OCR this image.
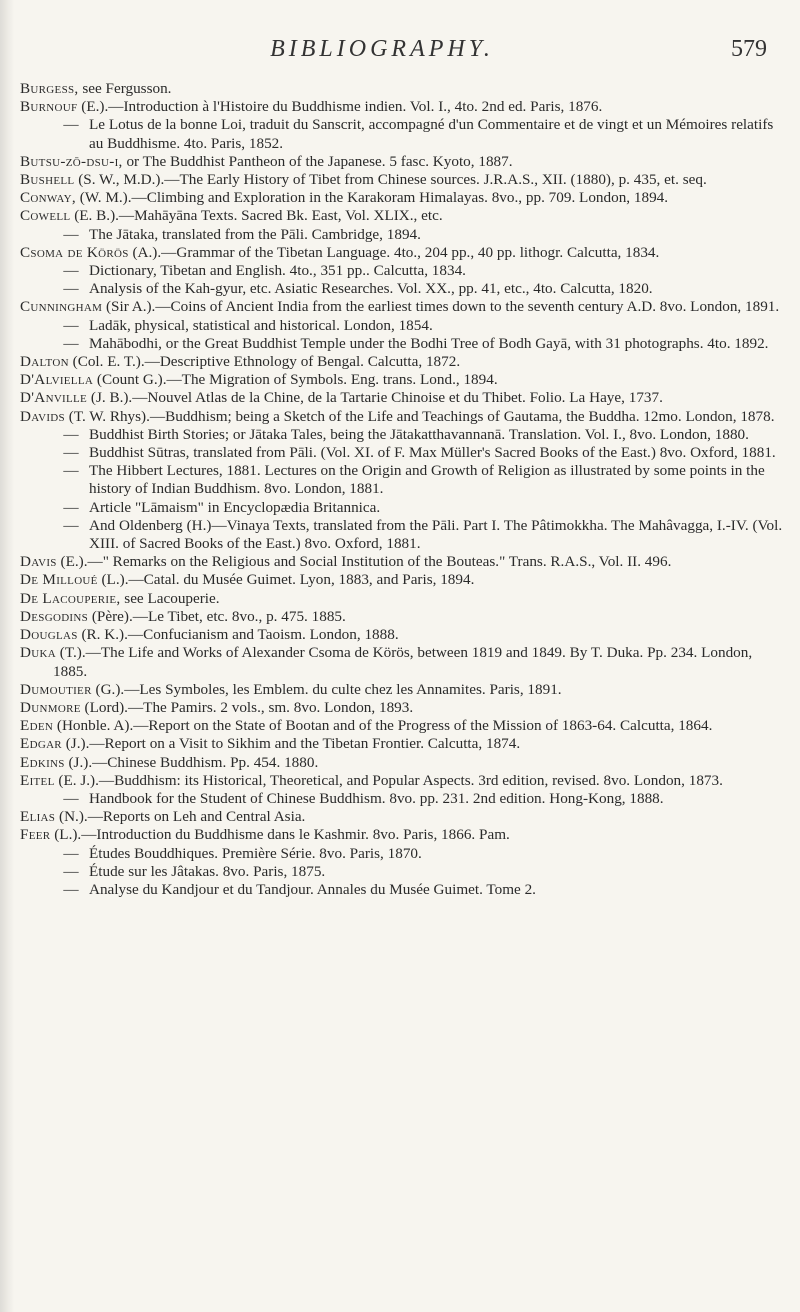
BIBLIOGRAPHY.	579

Burgess, see Fergusson.

Burnouf (E.).—Introduction à l'Histoire du Buddhisme indien. Vol. I., 4to. 2nd ed. Paris, 1876.

— Le Lotus de la bonne Loi, traduit du Sanscrit, accompagné d'un Commentaire et de vingt et un Mémoires relatifs au Buddhisme. 4to. Paris, 1852.

Butsu-zō-dsu-i, or The Buddhist Pantheon of the Japanese. 5 fasc. Kyoto, 1887.

Bushell (S. W., M.D.).—The Early History of Tibet from Chinese sources. J.R.A.S., XII. (1880), p. 435, et. seq.

Conway, (W. M.).—Climbing and Exploration in the Karakoram Himalayas. 8vo., pp. 709. London, 1894.

Cowell (E. B.).—Mahāyāna Texts. Sacred Bk. East, Vol. XLIX., etc.

— The Jātaka, translated from the Pāli. Cambridge, 1894.

Csoma de Körös (A.).—Grammar of the Tibetan Language. 4to., 204 pp., 40 pp. lithogr. Calcutta, 1834.

— Dictionary, Tibetan and English. 4to., 351 pp.. Calcutta, 1834.

— Analysis of the Kah-gyur, etc. Asiatic Researches. Vol. XX., pp. 41, etc., 4to. Calcutta, 1820.

Cunningham (Sir A.).—Coins of Ancient India from the earliest times down to the seventh century A.D. 8vo. London, 1891.

— Ladāk, physical, statistical and historical. London, 1854.

— Mahābodhi, or the Great Buddhist Temple under the Bodhi Tree of Bodh Gayā, with 31 photographs. 4to. 1892.

Dalton (Col. E. T.).—Descriptive Ethnology of Bengal. Calcutta, 1872.

D'Alviella (Count G.).—The Migration of Symbols. Eng. trans. Lond., 1894.

D'Anville (J. B.).—Nouvel Atlas de la Chine, de la Tartarie Chinoise et du Thibet. Folio. La Haye, 1737.

Davids (T. W. Rhys).—Buddhism; being a Sketch of the Life and Teachings of Gautama, the Buddha. 12mo. London, 1878.

— Buddhist Birth Stories; or Jātaka Tales, being the Jātakatthavannanā. Translation. Vol. I., 8vo. London, 1880.

— Buddhist Sūtras, translated from Pāli. (Vol. XI. of F. Max Müller's Sacred Books of the East.) 8vo. Oxford, 1881.

— The Hibbert Lectures, 1881. Lectures on the Origin and Growth of Religion as illustrated by some points in the history of Indian Buddhism. 8vo. London, 1881.

— Article "Lāmaism" in Encyclopædia Britannica.

— And Oldenberg (H.)—Vinaya Texts, translated from the Pāli. Part I. The Pâtimokkha. The Mahâvagga, I.-IV. (Vol. XIII. of Sacred Books of the East.) 8vo. Oxford, 1881.

Davis (E.).—" Remarks on the Religious and Social Institution of the Bouteas." Trans. R.A.S., Vol. II. 496.

De Milloué (L.).—Catal. du Musée Guimet. Lyon, 1883, and Paris, 1894.

De Lacouperie, see Lacouperie.

Desgodins (Père).—Le Tibet, etc. 8vo., p. 475. 1885.

Douglas (R. K.).—Confucianism and Taoism. London, 1888.

Duka (T.).—The Life and Works of Alexander Csoma de Körös, between 1819 and 1849. By T. Duka. Pp. 234. London, 1885.

Dumoutier (G.).—Les Symboles, les Emblem. du culte chez les Annamites. Paris, 1891.

Dunmore (Lord).—The Pamirs. 2 vols., sm. 8vo. London, 1893.

Eden (Honble. A).—Report on the State of Bootan and of the Progress of the Mission of 1863-64. Calcutta, 1864.

Edgar (J.).—Report on a Visit to Sikhim and the Tibetan Frontier. Calcutta, 1874.

Edkins (J.).—Chinese Buddhism. Pp. 454. 1880.

Eitel (E. J.).—Buddhism: its Historical, Theoretical, and Popular Aspects. 3rd edition, revised. 8vo. London, 1873.

— Handbook for the Student of Chinese Buddhism. 8vo. pp. 231. 2nd edition. Hong-Kong, 1888.

Elias (N.).—Reports on Leh and Central Asia.

Feer (L.).—Introduction du Buddhisme dans le Kashmir. 8vo. Paris, 1866. Pam.

— Études Bouddhiques. Première Série. 8vo. Paris, 1870.

— Étude sur les Jâtakas. 8vo. Paris, 1875.

— Analyse du Kandjour et du Tandjour. Annales du Musée Guimet. Tome 2.
